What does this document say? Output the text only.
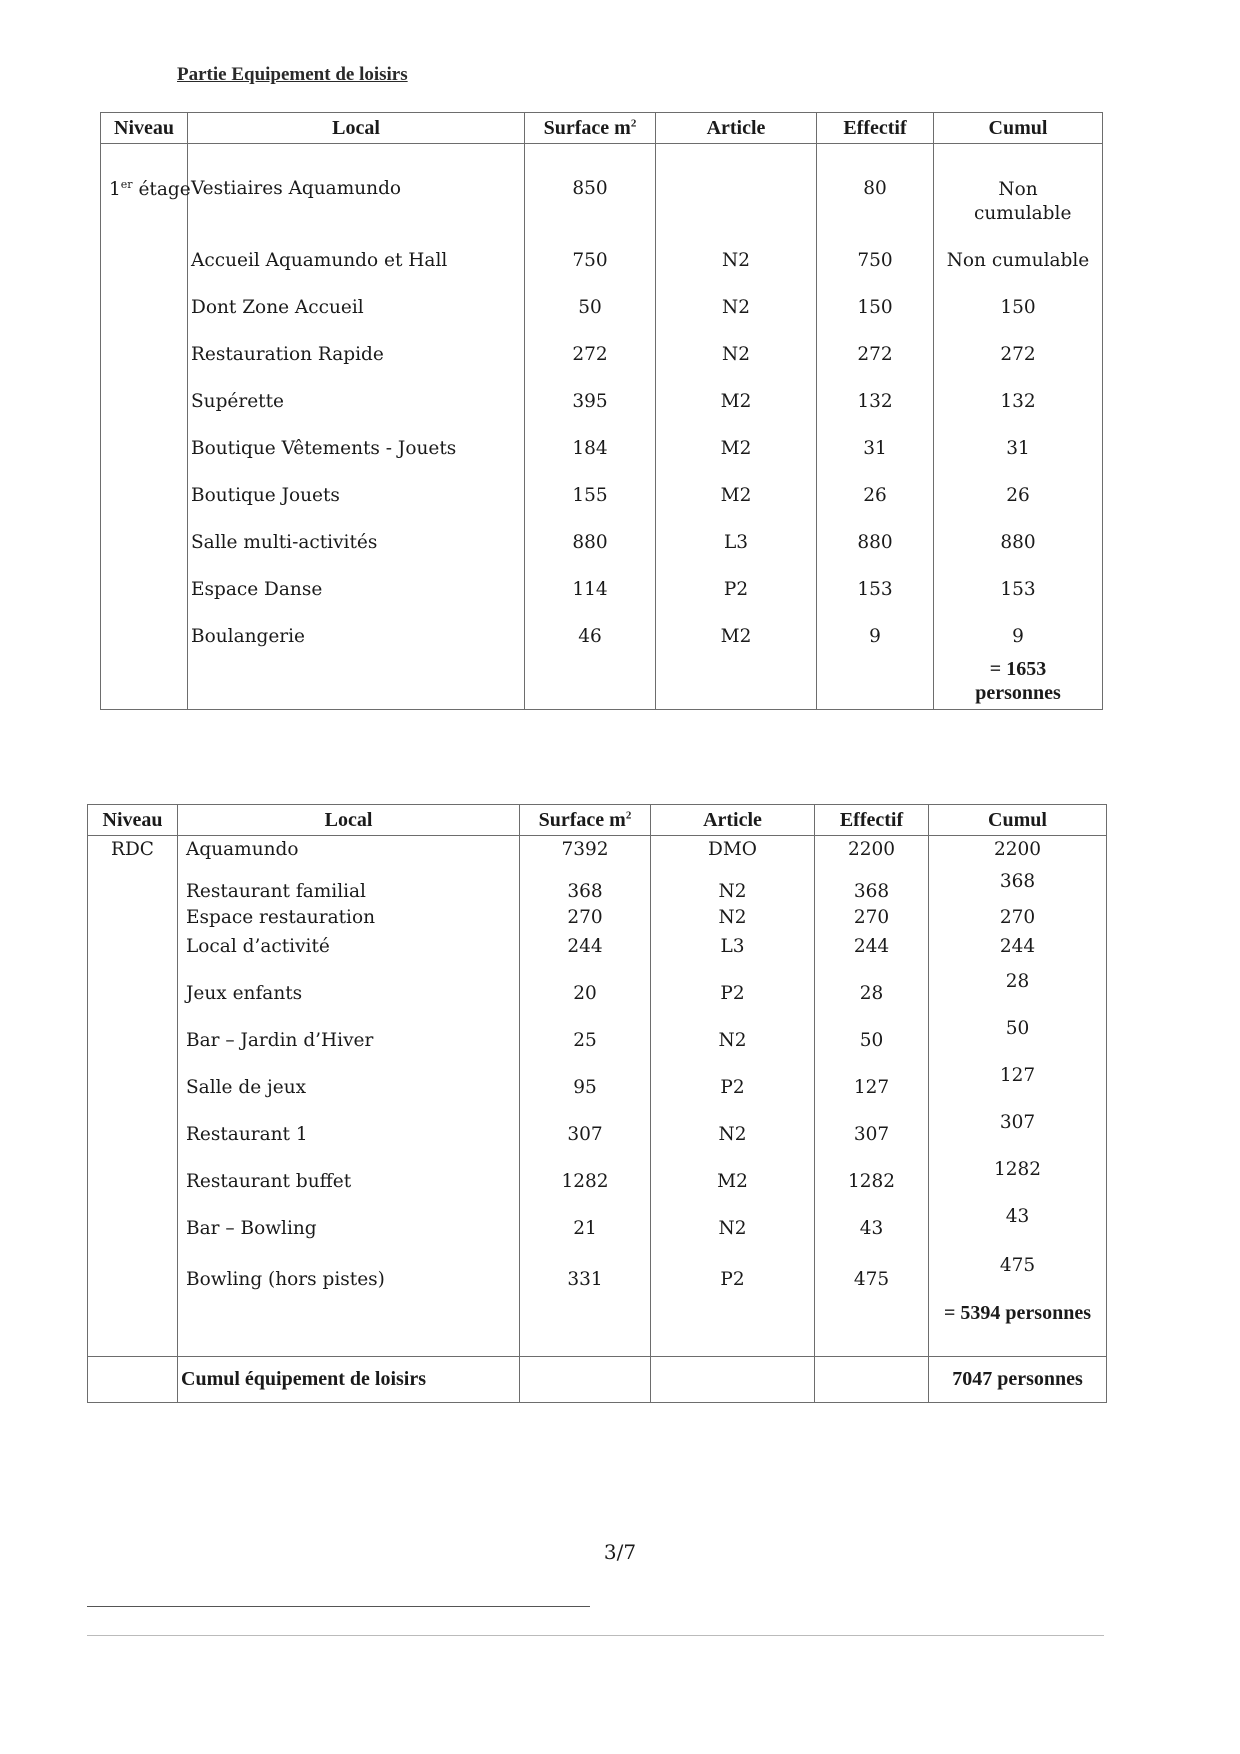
Partie Equipement de loisirs
Niveau	Local	Surface $m^2$	Article	Effectif	Cumul
1er étage	Vestiaires Aquamundo	850		80	Non cumulable
	Accueil Aquamundo et Hall	750	N2	750	Non cumulable
	Dont Zone Accueil	50	N2	150	150
	Restauration Rapide	272	N2	272	272
	Supérette	395	M2	132	132
	Boutique Vêtements - Jouets	184	M2	31	31
	Boutique Jouets	155	M2	26	26
	Salle multi-activités	880	L3	880	880
	Espace Danse	114	P2	153	153
	Boulangerie	46	M2	9	9
					= 1653 personnes
Niveau	Local	Surface $m^2$	Article	Effectif	Cumul
RDC	Aquamundo	7392	DMO	2200	2200
	Restaurant familial	368	N2	368	368
	Espace restauration	270	N2	270	270
	Local d’activité	244	L3	244	244
	Jeux enfants	20	P2	28	28
	Bar – Jardin d’Hiver	25	N2	50	50
	Salle de jeux	95	P2	127	127
	Restaurant 1	307	N2	307	307
	Restaurant buffet	1282	M2	1282	1282
	Bar – Bowling	21	N2	43	43
	Bowling (hors pistes)	331	P2	475	475
					= 5394 personnes
	Cumul équipement de loisirs				7047 personnes
3/7
